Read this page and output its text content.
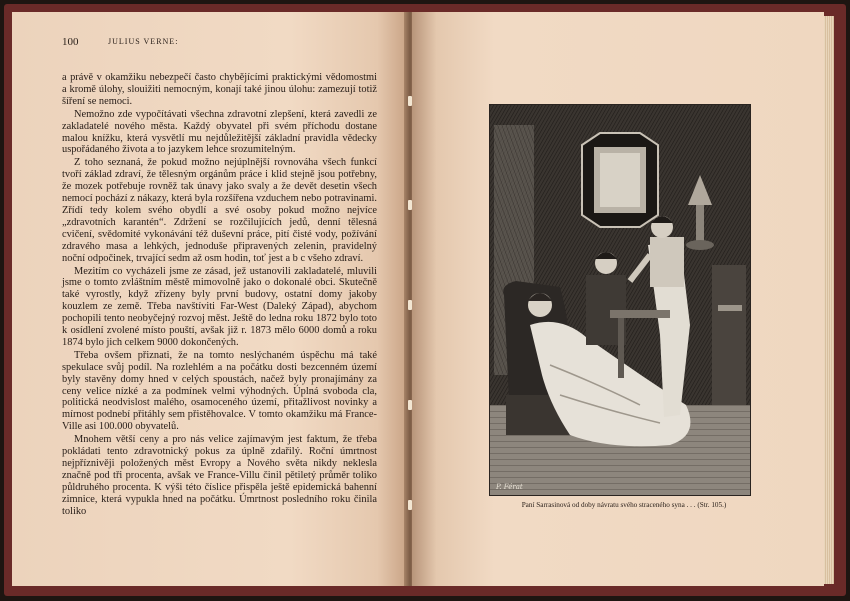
100	JULIUS VERNE:

a právě v okamžiku nebezpečí často chybějícími praktickými vědomostmi a kromě úlohy, slouižiti nemocným, konají také jinou úlohu: zamezují totiž šíření se nemoci.

Nemožno zde vypočítávati všechna zdravotní zlepšení, která zavedli ze zakladatelé nového města. Každý obyvatel při svém příchodu dostane malou knížku, která vysvětlí mu nejdůležitější základní pravidla vědecky uspořádaného života a to jazykem lehce srozumitelným.

Z toho seznaná, že pokud možno nejúplnější rovnováha všech funkcí tvoří základ zdraví, že tělesným orgánům práce i klid stejně jsou potřebny, že mozek potřebuje rovněž tak únavy jako svaly a že devět desetin všech nemocí pochází z nákazy, která byla rozšířena vzduchem nebo potravinami. Zřídí tedy kolem svého obydlí a své osoby pokud možno nejvíce „zdravotních karantén“. Zdržení se rozčilujících jedů, denní tělesná cvičení, svědomité vykonávání též duševní práce, pití čisté vody, požívání zdravého masa a lehkých, jednoduše připravených zelenin, pravidelný noční odpočinek, trvající sedm až osm hodin, toť jest a b c všeho zdraví.

Mezitím co vycházeli jsme ze zásad, jež ustanovili zakladatelé, mluvili jsme o tomto zvláštním městě mimovolně jako o dokonalé obci. Skutečně také vyrostly, když zřízeny byly první budovy, ostatní domy jakoby kouzlem ze země. Třeba navštíviti Far-West (Daleký Západ), abychom pochopili tento neobyčejný rozvoj měst. Ještě do ledna roku 1872 bylo toto k osídlení zvolené místo pouští, avšak již r. 1873 mělo 6000 domů a roku 1874 bylo jich celkem 9000 dokončených.

Třeba ovšem přiznati, že na tomto neslýchaném úspěchu má také spekulace svůj podíl. Na rozlehlém a na počátku dosti bezcenném území byly stavěny domy hned v celých spoustách, načež byly pronajímány za ceny velice nízké a za podmínek velmi výhodných. Úplná svoboda cla, politická neodvislost malého, osamoceného území, přitažlivost novinky a mírnost podnebí přitáhly sem přistěhovalce. V tomto okamžiku má France-Ville asi 100.000 obyvatelů.

Mnohem větší ceny a pro nás velice zajímavým jest faktum, že třeba pokládati tento zdravotnický pokus za úplně zdařilý. Roční úmrtnost nejpříznivěji položených měst Evropy a Nového světa nikdy neklesla značně pod tři procenta, avšak ve France-Villu činil pětiletý průměr toliko půldruhého procenta. K výši této číslice přispěla ještě epidemická bahenní zimnice, která vypukla hned na počátku. Úmrtnost posledního roku činila toliko

P. Férat
Paní Sarrasinová od doby návratu svého straceného syna . . . (Str. 105.)
